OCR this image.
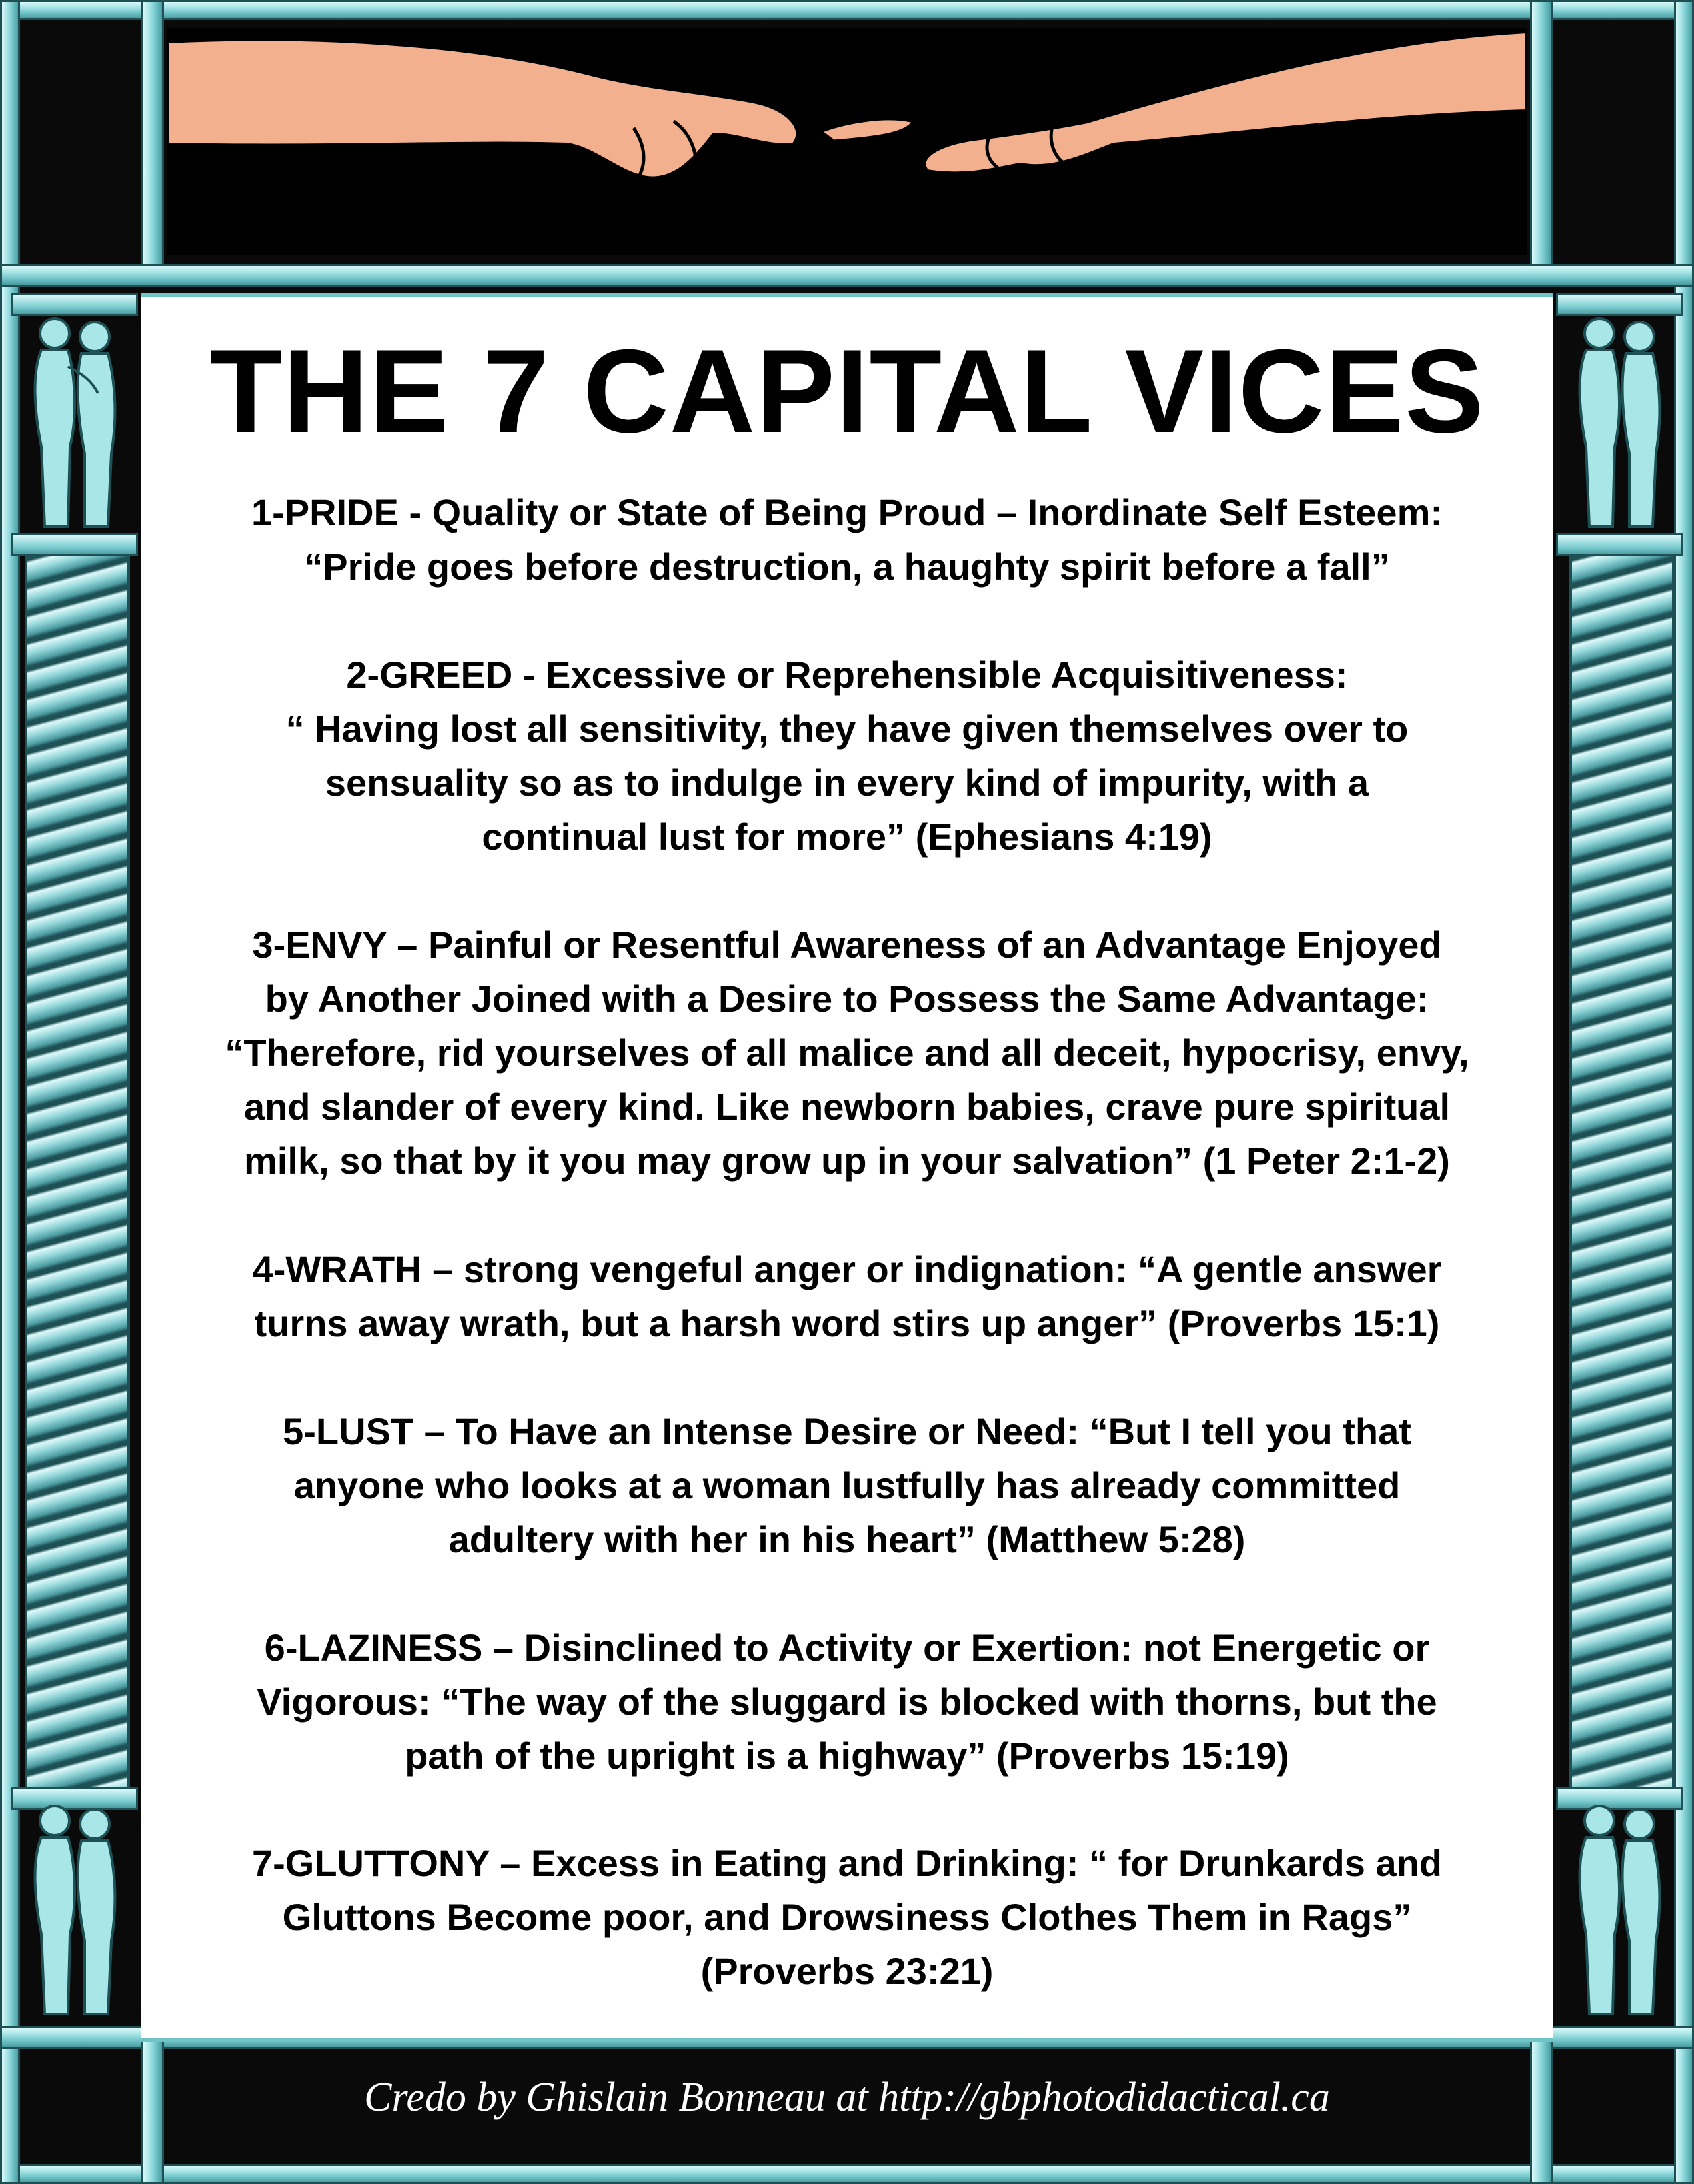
THE 7 CAPITAL VICES
1-PRIDE - Quality or State of Being Proud – Inordinate Self Esteem:
“Pride goes before destruction, a haughty spirit before a fall”
2-GREED - Excessive or Reprehensible Acquisitiveness:
“ Having lost all sensitivity, they have given themselves over to
sensuality so as to indulge in every kind of impurity, with a
continual lust for more” (Ephesians 4:19)
3-ENVY – Painful or Resentful Awareness of an Advantage Enjoyed
by Another Joined with a Desire to Possess the Same Advantage:
“Therefore, rid yourselves of all malice and all deceit, hypocrisy, envy,
and slander of every kind. Like newborn babies, crave pure spiritual
milk, so that by it you may grow up in your salvation” (1 Peter 2:1-2)
4-WRATH – strong vengeful anger or indignation: “A gentle answer
turns away wrath, but a harsh word stirs up anger” (Proverbs 15:1)
5-LUST – To Have an Intense Desire or Need: “But I tell you that
anyone who looks at a woman lustfully has already committed
adultery with her in his heart” (Matthew 5:28)
6-LAZINESS – Disinclined to Activity or Exertion: not Energetic or
Vigorous: “The way of the sluggard is blocked with thorns, but the
path of the upright is a highway” (Proverbs 15:19)
7-GLUTTONY – Excess in Eating and Drinking: “ for Drunkards and
Gluttons Become poor, and Drowsiness Clothes Them in Rags”
(Proverbs 23:21)
Credo by Ghislain Bonneau at http://gbphotodidactical.ca
